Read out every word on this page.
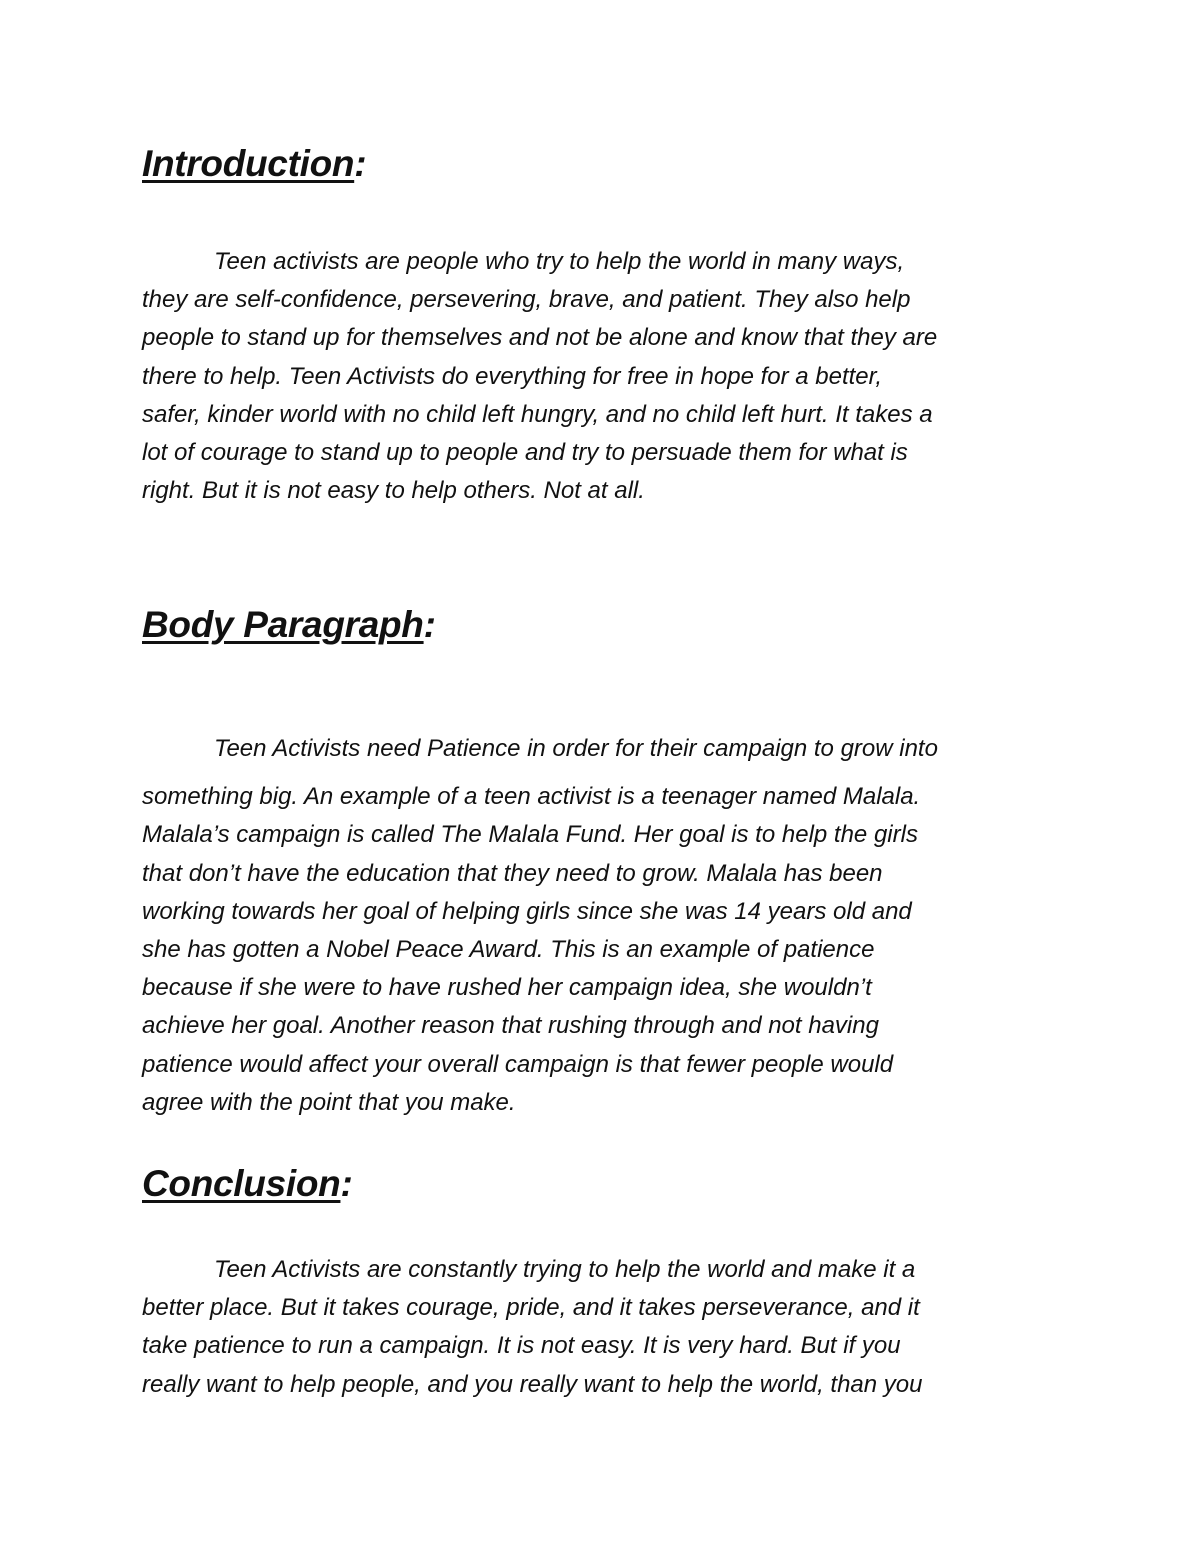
Introduction:

Teen activists are people who try to help the world in many ways,
they are self-confidence, persevering, brave, and patient. They also help
people to stand up for themselves and not be alone and know that they are
there to help. Teen Activists do everything for free in hope for a better,
safer, kinder world with no child left hungry, and no child left hurt. It takes a
lot of courage to stand up to people and try to persuade them for what is
right. But it is not easy to help others. Not at all.

Body Paragraph:

Teen Activists need Patience in order for their campaign to grow into
something big. An example of a teen activist is a teenager named Malala.
Malala’s campaign is called The Malala Fund. Her goal is to help the girls
that don’t have the education that they need to grow. Malala has been
working towards her goal of helping girls since she was 14 years old and
she has gotten a Nobel Peace Award. This is an example of patience
because if she were to have rushed her campaign idea, she wouldn’t
achieve her goal. Another reason that rushing through and not having
patience would affect your overall campaign is that fewer people would
agree with the point that you make.

Conclusion:

Teen Activists are constantly trying to help the world and make it a
better place. But it takes courage, pride, and it takes perseverance, and it
take patience to run a campaign. It is not easy. It is very hard. But if you
really want to help people, and you really want to help the world, than you
